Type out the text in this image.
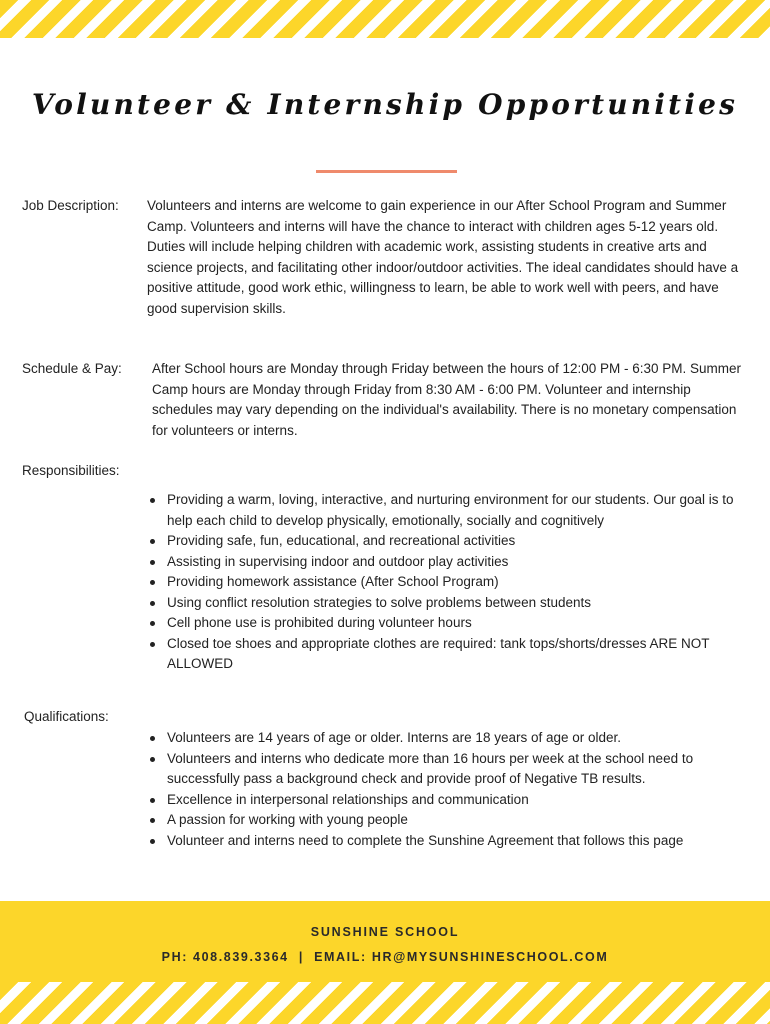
Volunteer & Internship Opportunities
Job Description: Volunteers and interns are welcome to gain experience in our After School Program and Summer Camp. Volunteers and interns will have the chance to interact with children ages 5-12 years old. Duties will include helping children with academic work, assisting students in creative arts and science projects, and facilitating other indoor/outdoor activities. The ideal candidates should have a positive attitude, good work ethic, willingness to learn, be able to work well with peers, and have good supervision skills.

Schedule & Pay: After School hours are Monday through Friday between the hours of 12:00 PM - 6:30 PM. Summer Camp hours are Monday through Friday from 8:30 AM - 6:00 PM. Volunteer and internship schedules may vary depending on the individual's availability. There is no monetary compensation for volunteers or interns.

Responsibilities:
Providing a warm, loving, interactive, and nurturing environment for our students. Our goal is to help each child to develop physically, emotionally, socially and cognitively
Providing safe, fun, educational, and recreational activities
Assisting in supervising indoor and outdoor play activities
Providing homework assistance (After School Program)
Using conflict resolution strategies to solve problems between students
Cell phone use is prohibited during volunteer hours
Closed toe shoes and appropriate clothes are required: tank tops/shorts/dresses ARE NOT ALLOWED
Qualifications:
Volunteers are 14 years of age or older. Interns are 18 years of age or older.
Volunteers and interns who dedicate more than 16 hours per week at the school need to successfully pass a background check and provide proof of Negative TB results.
Excellence in interpersonal relationships and communication
A passion for working with young people
Volunteer and interns need to complete the Sunshine Agreement that follows this page
SUNSHINE SCHOOL
PH: 408.839.3364  |  EMAIL: HR@MYSUNSHINESCHOOL.COM
